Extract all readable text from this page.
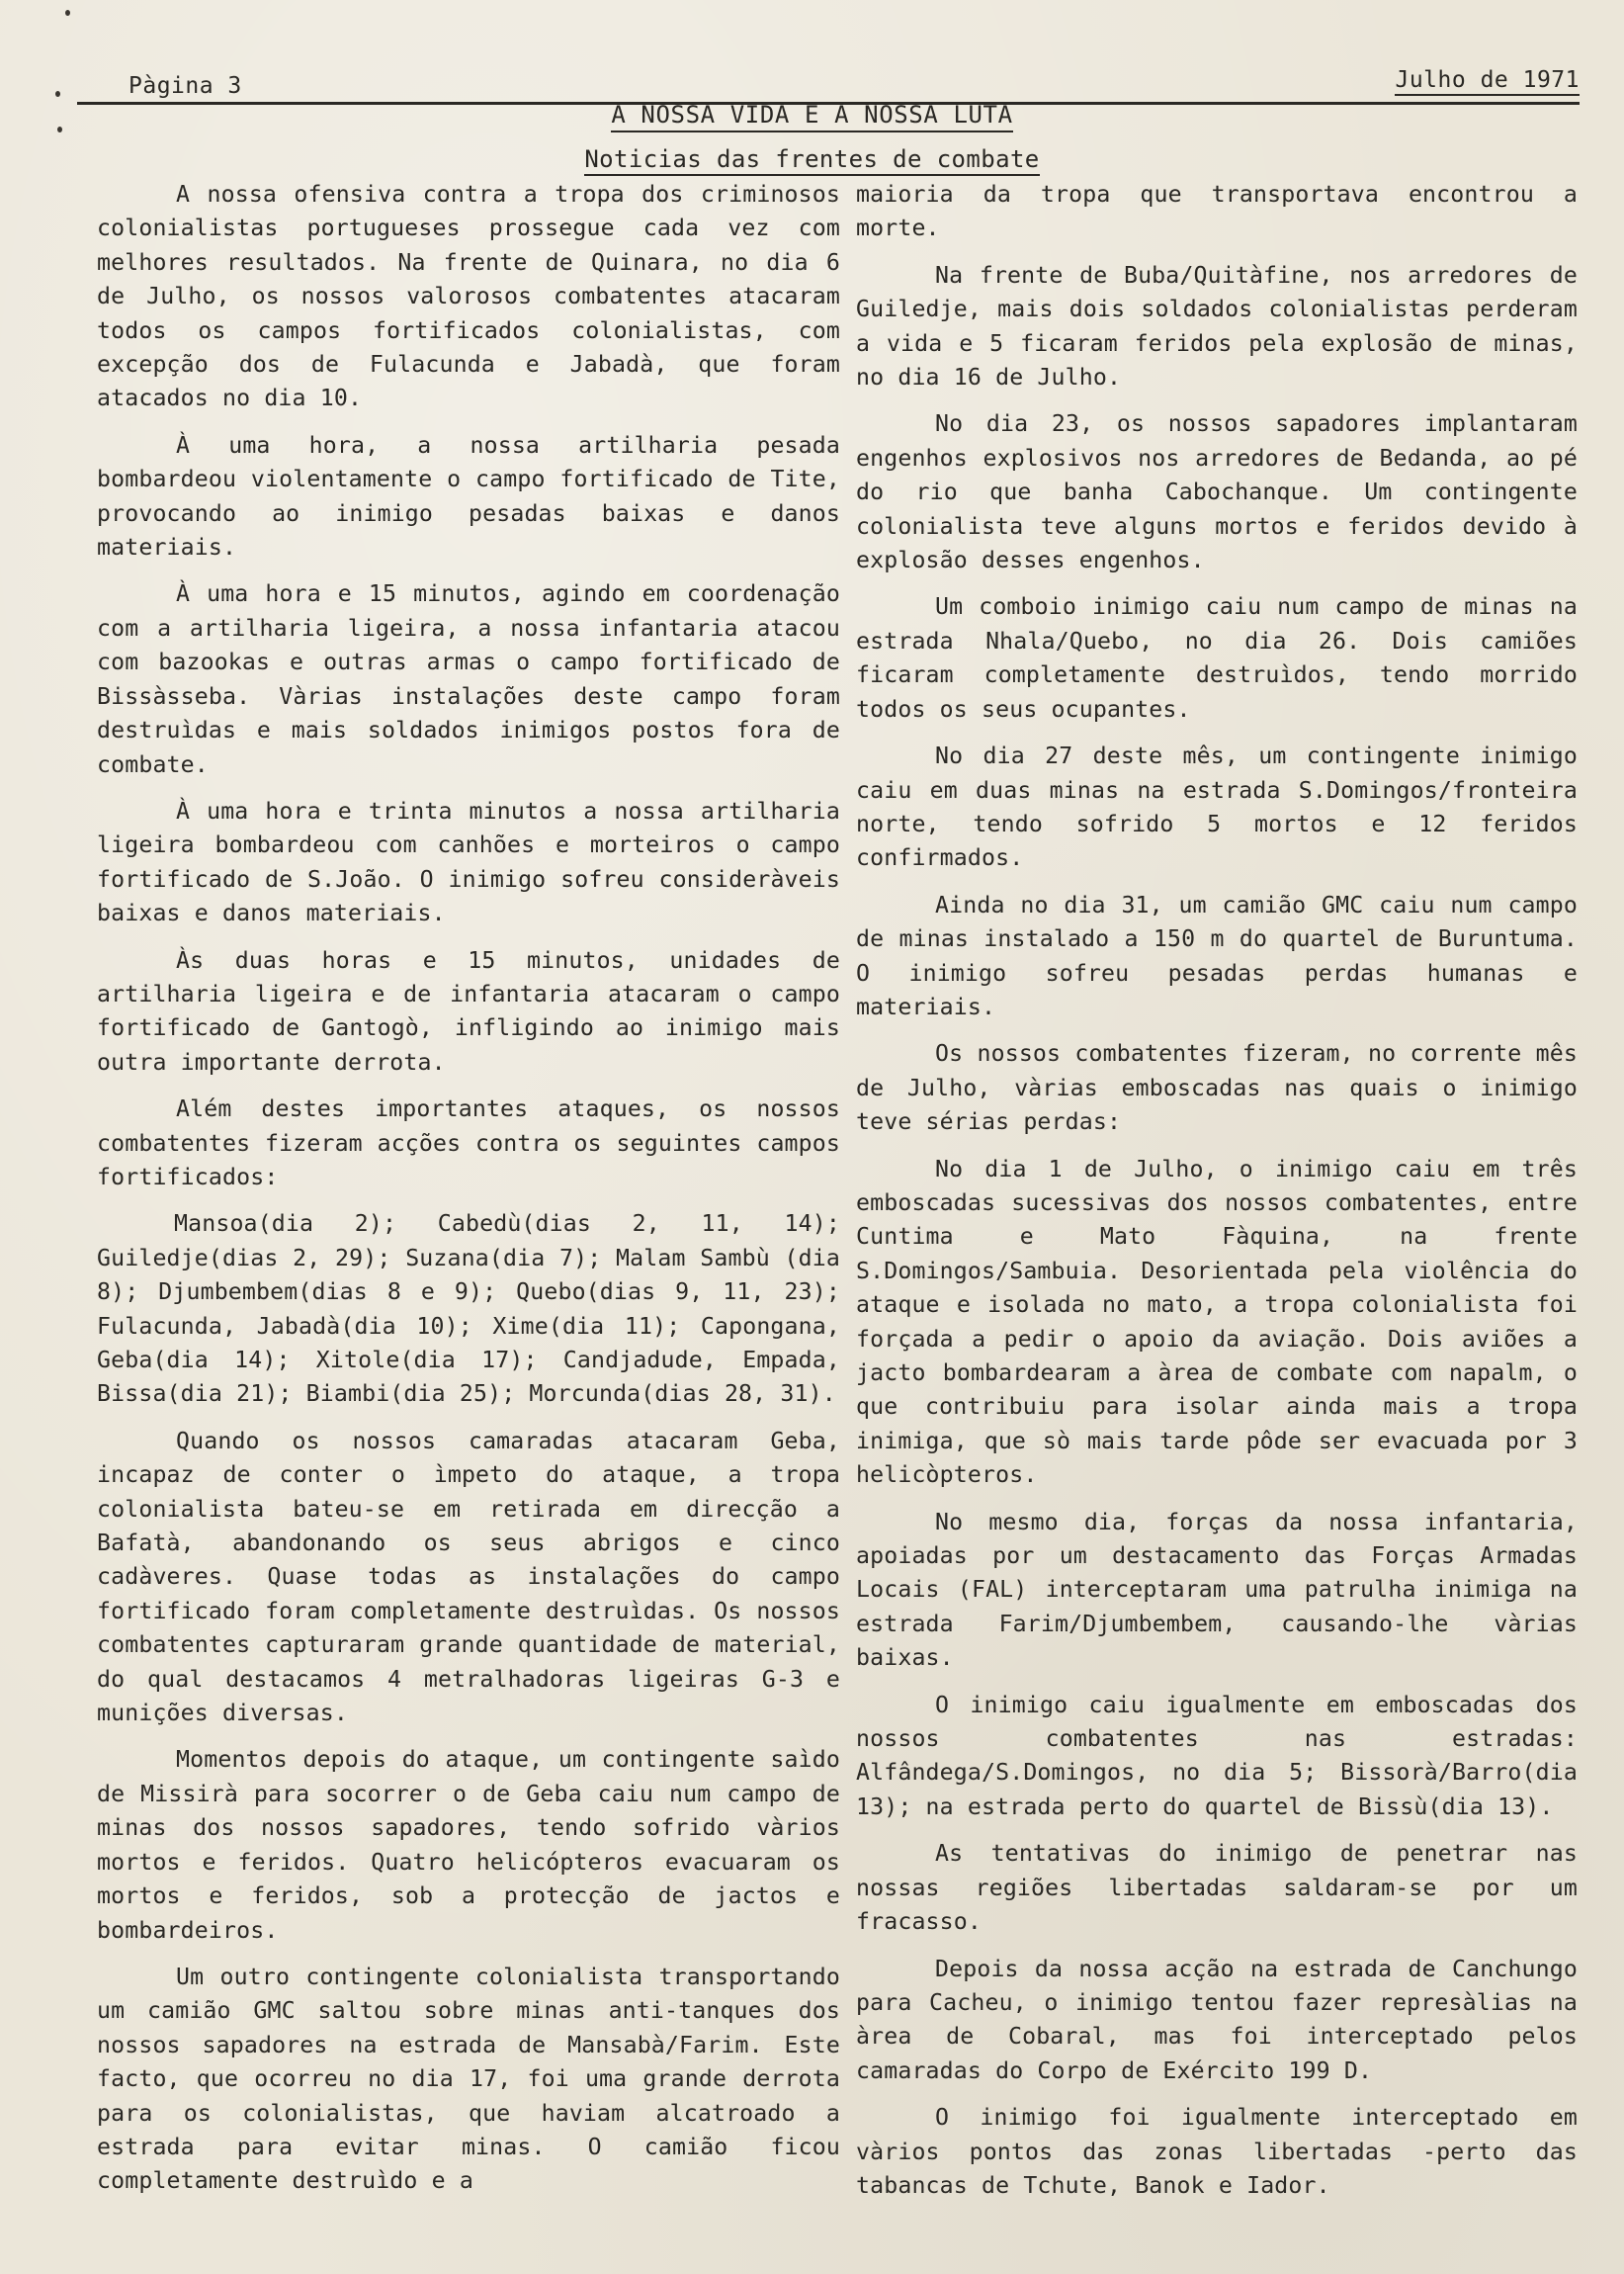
Pàgina 3	Julho de 1971
A NOSSA VIDA E A NOSSA LUTA
Noticias das frentes de combate

A nossa ofensiva contra a tropa dos criminosos colonialistas portugueses prossegue cada vez com melhores resultados. Na frente de Quinara, no dia 6 de Julho, os nossos valorosos combatentes atacaram todos os campos fortificados colonialistas, com excepção dos de Fulacunda e Jabadà, que foram atacados no dia 10.

À uma hora, a nossa artilharia pesada bombardeou violentamente o campo fortificado de Tite, provocando ao inimigo pesadas baixas e danos materiais.

À uma hora e 15 minutos, agindo em coordenação com a artilharia ligeira, a nossa infantaria atacou com bazookas e outras armas o campo fortificado de Bissàsseba. Vàrias instalações deste campo foram destruìdas e mais soldados inimigos postos fora de combate.

À uma hora e trinta minutos a nossa artilharia ligeira bombardeou com canhões e morteiros o campo fortificado de S.João. O inimigo sofreu consideràveis baixas e danos materiais.

Às duas horas e 15 minutos, unidades de artilharia ligeira e de infantaria atacaram o campo fortificado de Gantogò, infligindo ao inimigo mais outra importante derrota.

Além destes importantes ataques, os nossos combatentes fizeram acções contra os seguintes campos fortificados:

Mansoa(dia 2); Cabedù(dias 2, 11, 14); Guiledje(dias 2, 29); Suzana(dia 7); Malam Sambù (dia 8); Djumbembem(dias 8 e 9); Quebo(dias 9, 11, 23); Fulacunda, Jabadà(dia 10); Xime(dia 11); Capongana, Geba(dia 14); Xitole(dia 17); Candjadude, Empada, Bissa(dia 21); Biambi(dia 25); Morcunda(dias 28, 31).

Quando os nossos camaradas atacaram Geba, incapaz de conter o ìmpeto do ataque, a tropa colonialista bateu-se em retirada em direcção a Bafatà, abandonando os seus abrigos e cinco cadàveres. Quase todas as instalações do campo fortificado foram completamente destruìdas. Os nossos combatentes capturaram grande quantidade de material, do qual destacamos 4 metralhadoras ligeiras G-3 e munições diversas.

Momentos depois do ataque, um contingente saìdo de Missirà para socorrer o de Geba caiu num campo de minas dos nossos sapadores, tendo sofrido vàrios mortos e feridos. Quatro helicópteros evacuaram os mortos e feridos, sob a protecção de jactos e bombardeiros.

Um outro contingente colonialista transportando um camião GMC saltou sobre minas anti-tanques dos nossos sapadores na estrada de Mansabà/Farim. Este facto, que ocorreu no dia 17, foi uma grande derrota para os colonialistas, que haviam alcatroado a estrada para evitar minas. O camião ficou completamente destruìdo e a

maioria da tropa que transportava encontrou a morte.

Na frente de Buba/Quitàfine, nos arredores de Guiledje, mais dois soldados colonialistas perderam a vida e 5 ficaram feridos pela explosão de minas, no dia 16 de Julho.

No dia 23, os nossos sapadores implantaram engenhos explosivos nos arredores de Bedanda, ao pé do rio que banha Cabochanque. Um contingente colonialista teve alguns mortos e feridos devido à explosão desses engenhos.

Um comboio inimigo caiu num campo de minas na estrada Nhala/Quebo, no dia 26. Dois camiões ficaram completamente destruìdos, tendo morrido todos os seus ocupantes.

No dia 27 deste mês, um contingente inimigo caiu em duas minas na estrada S.Domingos/fronteira norte, tendo sofrido 5 mortos e 12 feridos confirmados.

Ainda no dia 31, um camião GMC caiu num campo de minas instalado a 150 m do quartel de Buruntuma. O inimigo sofreu pesadas perdas humanas e materiais.

Os nossos combatentes fizeram, no corrente mês de Julho, vàrias emboscadas nas quais o inimigo teve sérias perdas:

No dia 1 de Julho, o inimigo caiu em três emboscadas sucessivas dos nossos combatentes, entre Cuntima e Mato Fàquina, na frente S.Domingos/Sambuia. Desorientada pela violência do ataque e isolada no mato, a tropa colonialista foi forçada a pedir o apoio da aviação. Dois aviões a jacto bombardearam a àrea de combate com napalm, o que contribuiu para isolar ainda mais a tropa inimiga, que sò mais tarde pôde ser evacuada por 3 helicòpteros.

No mesmo dia, forças da nossa infantaria, apoiadas por um destacamento das Forças Armadas Locais (FAL) interceptaram uma patrulha inimiga na estrada Farim/Djumbembem, causando-lhe vàrias baixas.

O inimigo caiu igualmente em emboscadas dos nossos combatentes nas estradas: Alfândega/S.Domingos, no dia 5; Bissorà/Barro(dia 13); na estrada perto do quartel de Bissù(dia 13).

As tentativas do inimigo de penetrar nas nossas regiões libertadas saldaram-se por um fracasso.

Depois da nossa acção na estrada de Canchungo para Cacheu, o inimigo tentou fazer represàlias na àrea de Cobaral, mas foi interceptado pelos camaradas do Corpo de Exército 199 D.

O inimigo foi igualmente interceptado em vàrios pontos das zonas libertadas -perto das tabancas de Tchute, Banok e Iador.
